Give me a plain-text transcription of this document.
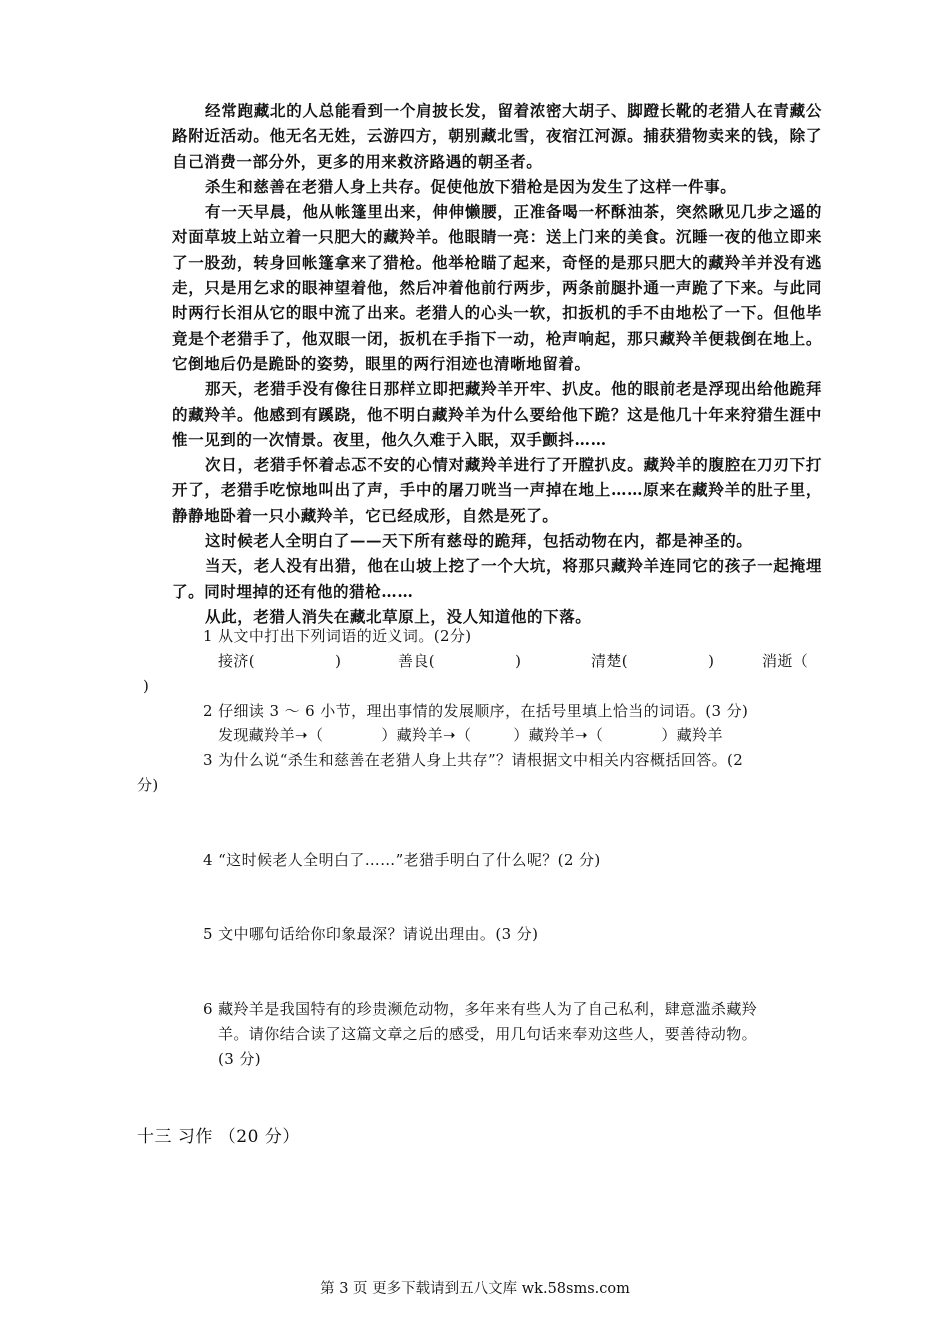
经常跑藏北的人总能看到一个肩披长发，留着浓密大胡子、脚蹬长靴的老猎人在青藏公路附近活动。他无名无姓，云游四方，朝别藏北雪，夜宿江河源。捕获猎物卖来的钱，除了自己消费一部分外，更多的用来救济路遇的朝圣者。

杀生和慈善在老猎人身上共存。促使他放下猎枪是因为发生了这样一件事。

有一天早晨，他从帐篷里出来，伸伸懒腰，正准备喝一杯酥油茶，突然瞅见几步之遥的对面草坡上站立着一只肥大的藏羚羊。他眼睛一亮：送上门来的美食。沉睡一夜的他立即来了一股劲，转身回帐篷拿来了猎枪。他举枪瞄了起来，奇怪的是那只肥大的藏羚羊并没有逃走，只是用乞求的眼神望着他，然后冲着他前行两步，两条前腿扑通一声跪了下来。与此同时两行长泪从它的眼中流了出来。老猎人的心头一软，扣扳机的手不由地松了一下。但他毕竟是个老猎手了，他双眼一闭，扳机在手指下一动，枪声响起，那只藏羚羊便栽倒在地上。它倒地后仍是跪卧的姿势，眼里的两行泪迹也清晰地留着。

那天，老猎手没有像往日那样立即把藏羚羊开牢、扒皮。他的眼前老是浮现出给他跪拜的藏羚羊。他感到有蹊跷，他不明白藏羚羊为什么要给他下跪？这是他几十年来狩猎生涯中惟一见到的一次情景。夜里，他久久难于入眠，双手颤抖……

次日，老猎手怀着忐忑不安的心情对藏羚羊进行了开膛扒皮。藏羚羊的腹腔在刀刃下打开了，老猎手吃惊地叫出了声，手中的屠刀咣当一声掉在地上……原来在藏羚羊的肚子里，静静地卧着一只小藏羚羊，它已经成形，自然是死了。

这时候老人全明白了——天下所有慈母的跪拜，包括动物在内，都是神圣的。

当天，老人没有出猎，他在山坡上挖了一个大坑，将那只藏羚羊连同它的孩子一起掩埋了。同时埋掉的还有他的猎枪……

从此，老猎人消失在藏北草原上，没人知道他的下落。

1 从文中打出下列词语的近义词。(2分)
接济(	)	善良(	)	清楚(	)	消逝（
)
2 仔细读 3 ～ 6 小节，理出事情的发展顺序，在括号里填上恰当的词语。(3 分)
发现藏羚羊➝（	）藏羚羊➝（	）藏羚羊➝（	）藏羚羊
3 为什么说“杀生和慈善在老猎人身上共存”？请根据文中相关内容概括回答。(2
分)
4 “这时候老人全明白了……”老猎手明白了什么呢？(2 分)
5 文中哪句话给你印象最深？请说出理由。(3 分)
6 藏羚羊是我国特有的珍贵濒危动物，多年来有些人为了自己私利，肆意滥杀藏羚
羊。请你结合读了这篇文章之后的感受，用几句话来奉劝这些人，要善待动物。
(3 分)
十三 习作 （20 分）
第 3 页 更多下载请到五八文库 wk.58sms.com
